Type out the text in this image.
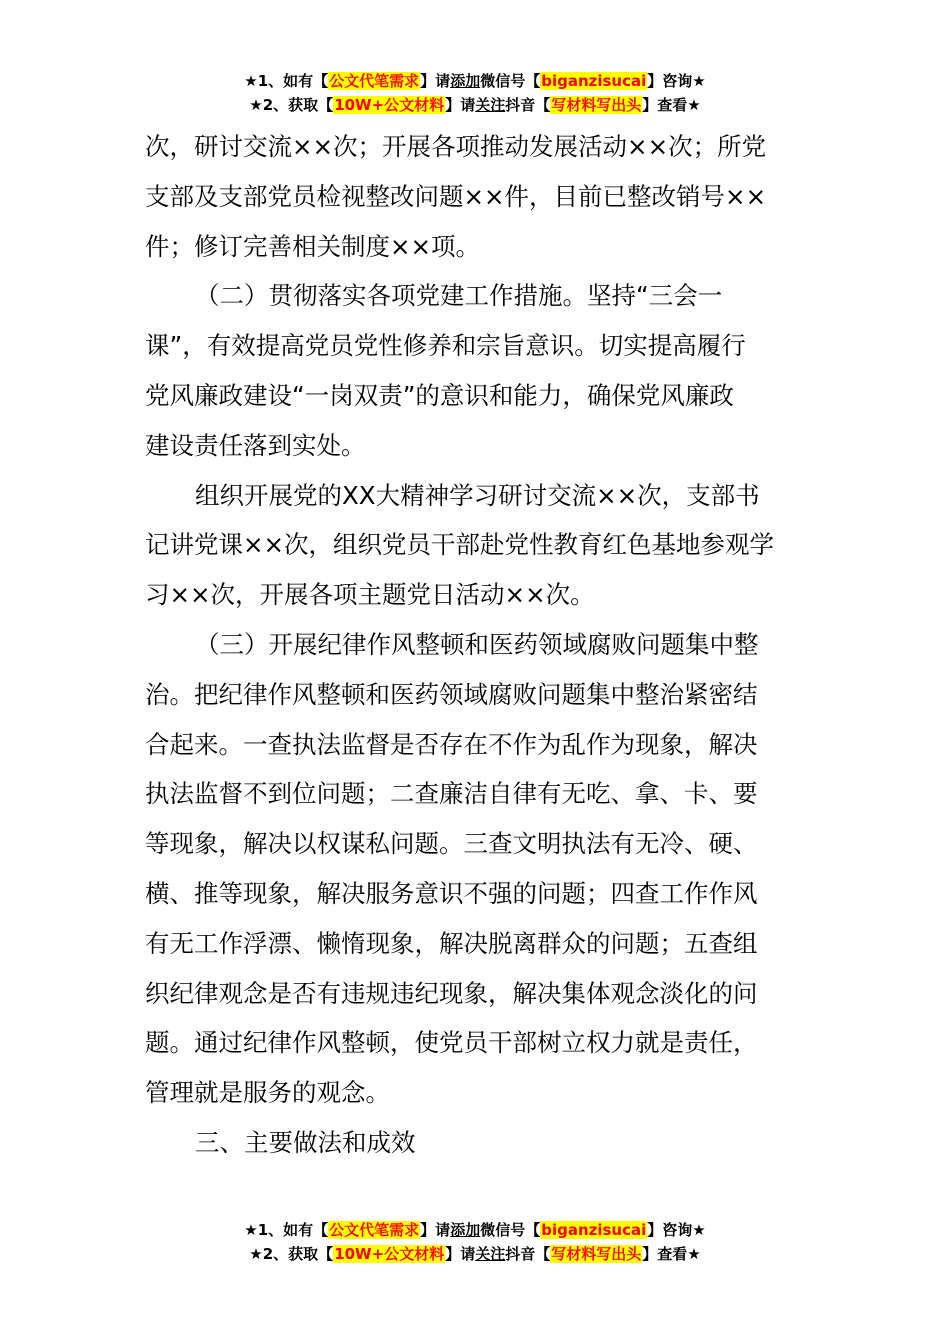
★1、如有【公文代笔需求】请添加微信号【biganzisucai】咨询★
★2、获取【10W+公文材料】请关注抖音【写材料写出头】查看★
次，研讨交流××次；开展各项推动发展活动××次；所党
支部及支部党员检视整改问题××件，目前已整改销号××
件；修订完善相关制度××项。
（二）贯彻落实各项党建工作措施。坚持“三会一
课”，有效提高党员党性修养和宗旨意识。切实提高履行
党风廉政建设“一岗双责”的意识和能力，确保党风廉政
建设责任落到实处。
组织开展党的XX大精神学习研讨交流××次，支部书
记讲党课××次，组织党员干部赴党性教育红色基地参观学
习××次，开展各项主题党日活动××次。
（三）开展纪律作风整顿和医药领域腐败问题集中整
治。把纪律作风整顿和医药领域腐败问题集中整治紧密结
合起来。一查执法监督是否存在不作为乱作为现象，解决
执法监督不到位问题；二查廉洁自律有无吃、拿、卡、要
等现象，解决以权谋私问题。三查文明执法有无冷、硬、
横、推等现象，解决服务意识不强的问题；四查工作作风
有无工作浮漂、懒惰现象，解决脱离群众的问题；五查组
织纪律观念是否有违规违纪现象，解决集体观念淡化的问
题。通过纪律作风整顿，使党员干部树立权力就是责任，
管理就是服务的观念。
三、主要做法和成效
★1、如有【公文代笔需求】请添加微信号【biganzisucai】咨询★
★2、获取【10W+公文材料】请关注抖音【写材料写出头】查看★
